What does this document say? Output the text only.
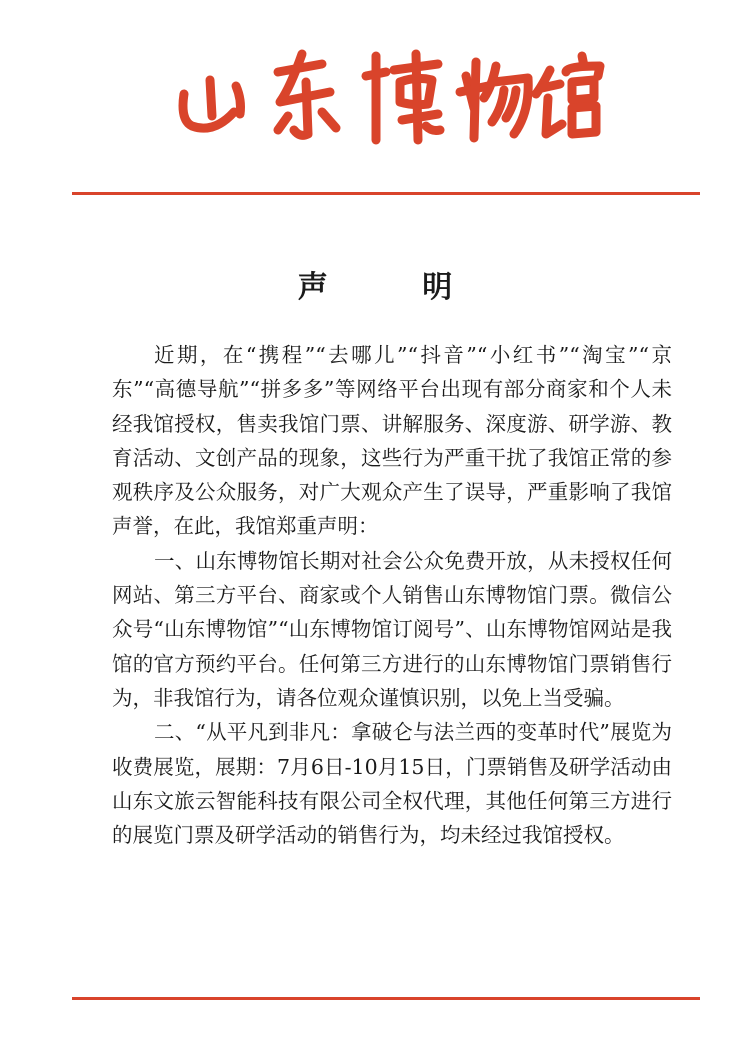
声 明

近期，在“携程”“去哪儿”“抖音”“小红书”“淘宝”“京东”“高德导航”“拼多多”等网络平台出现有部分商家和个人未经我馆授权，售卖我馆门票、讲解服务、深度游、研学游、教育活动、文创产品的现象，这些行为严重干扰了我馆正常的参观秩序及公众服务，对广大观众产生了误导，严重影响了我馆声誉，在此，我馆郑重声明：

一、山东博物馆长期对社会公众免费开放，从未授权任何网站、第三方平台、商家或个人销售山东博物馆门票。微信公众号“山东博物馆”“山东博物馆订阅号”、山东博物馆网站是我馆的官方预约平台。任何第三方进行的山东博物馆门票销售行为，非我馆行为，请各位观众谨慎识别，以免上当受骗。

二、“从平凡到非凡：拿破仑与法兰西的变革时代”展览为收费展览，展期：7月6日-10月15日，门票销售及研学活动由山东文旅云智能科技有限公司全权代理，其他任何第三方进行的展览门票及研学活动的销售行为，均未经过我馆授权。
